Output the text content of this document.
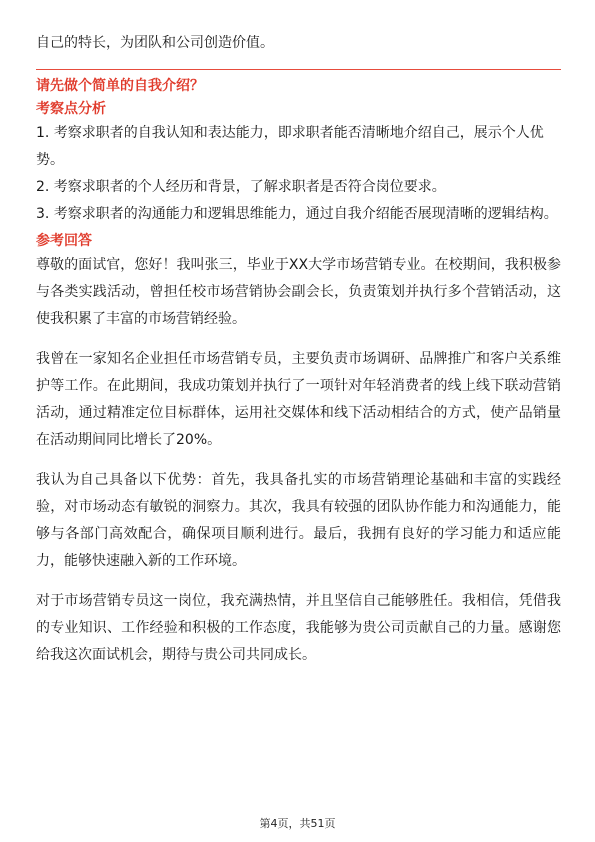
自己的特长，为团队和公司创造价值。

请先做个简单的自我介绍？

考察点分析

1. 考察求职者的自我认知和表达能力，即求职者能否清晰地介绍自己，展示个人优势。

2. 考察求职者的个人经历和背景，了解求职者是否符合岗位要求。

3. 考察求职者的沟通能力和逻辑思维能力，通过自我介绍能否展现清晰的逻辑结构。

参考回答

尊敬的面试官，您好！我叫张三，毕业于XX大学市场营销专业。在校期间，我积极参与各类实践活动，曾担任校市场营销协会副会长，负责策划并执行多个营销活动，这使我积累了丰富的市场营销经验。

我曾在一家知名企业担任市场营销专员，主要负责市场调研、品牌推广和客户关系维护等工作。在此期间，我成功策划并执行了一项针对年轻消费者的线上线下联动营销活动，通过精准定位目标群体，运用社交媒体和线下活动相结合的方式，使产品销量在活动期间同比增长了20%。

我认为自己具备以下优势：首先，我具备扎实的市场营销理论基础和丰富的实践经验，对市场动态有敏锐的洞察力。其次，我具有较强的团队协作能力和沟通能力，能够与各部门高效配合，确保项目顺利进行。最后，我拥有良好的学习能力和适应能力，能够快速融入新的工作环境。

对于市场营销专员这一岗位，我充满热情，并且坚信自己能够胜任。我相信，凭借我的专业知识、工作经验和积极的工作态度，我能够为贵公司贡献自己的力量。感谢您给我这次面试机会，期待与贵公司共同成长。

第4页，共51页
